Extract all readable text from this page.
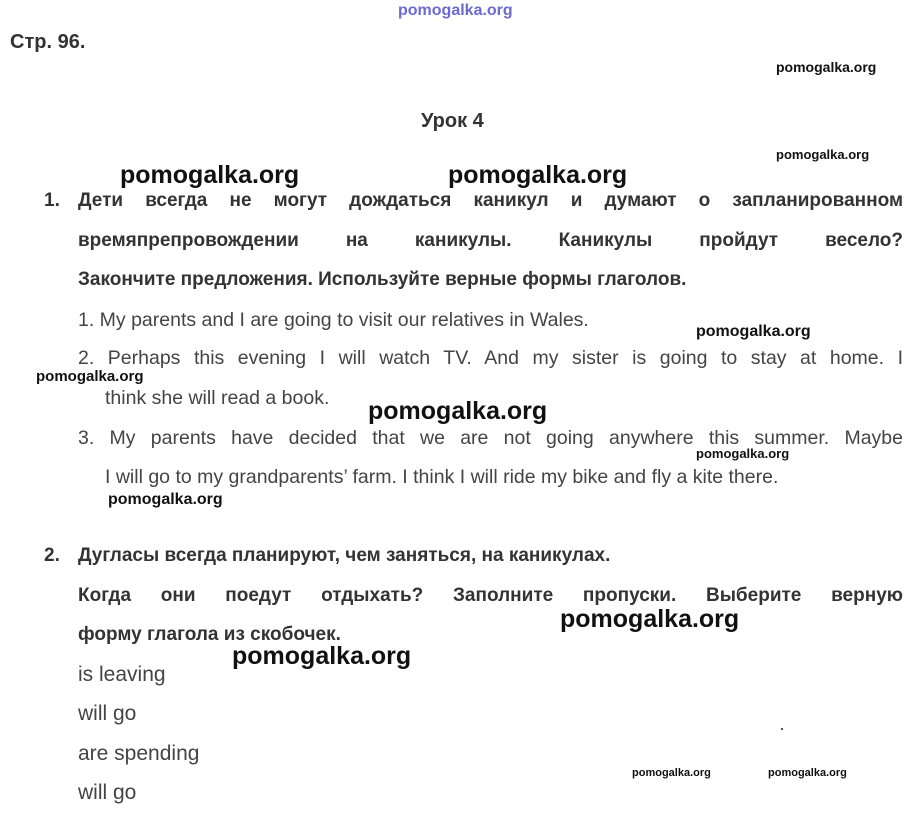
pomogalka.org
Стр. 96.
Урок 4
1. Дети всегда не могут дождаться каникул и думают о запланированном
времяпрепровождении на каникулы. Каникулы пройдут весело?
Закончите предложения. Используйте верные формы глаголов.
1. My parents and I are going to visit our relatives in Wales.
2. Perhaps this evening I will watch TV. And my sister is going to stay at home. I
think she will read a book.
3. My parents have decided that we are not going anywhere this summer. Maybe
I will go to my grandparents’ farm. I think I will ride my bike and fly a kite there.
2. Дугласы всегда планируют, чем заняться, на каникулах.
Когда они поедут отдыхать? Заполните пропуски. Выберите верную
форму глагола из скобочек.
is leaving
will go
are spending
will go
pomogalka.org
pomogalka.org
pomogalka.org	pomogalka.org
pomogalka.org
pomogalka.org
pomogalka.org
pomogalka.org
pomogalka.org
pomogalka.org
pomogalka.org
pomogalka.org	pomogalka.org
